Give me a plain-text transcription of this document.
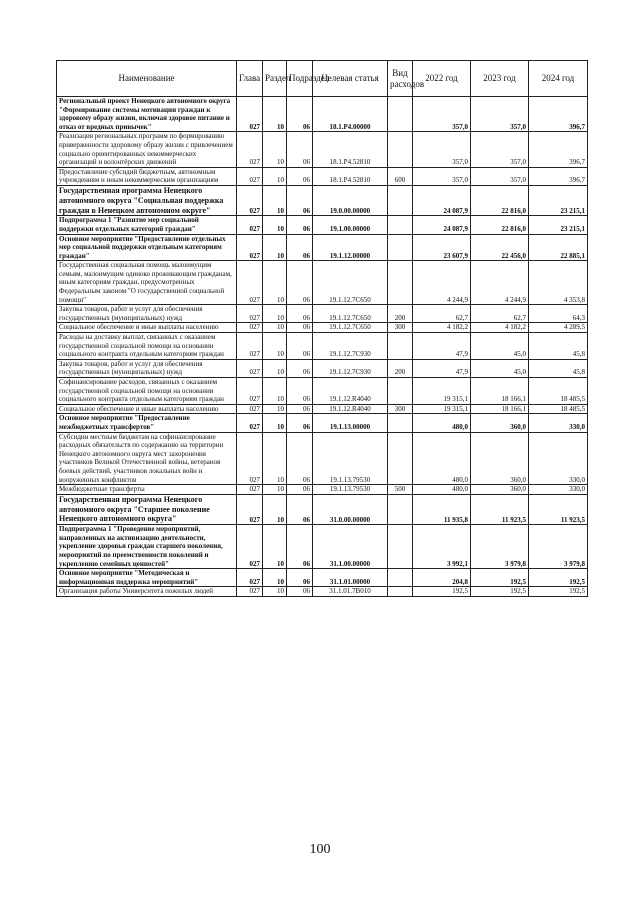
Наименование	Глава	Раздел	Подраздел	Целевая статья	Вид расходов	2022 год	2023 год	2024 год
Региональный проект Ненецкого автономного округа "Формирование системы мотивации граждан к здоровому образу жизни, включая здоровое питание и отказ от вредных привычек"	027	10	06	18.1.P4.00000		357,0	357,0	396,7
Реализация региональных программ по формированию приверженности здоровому образу жизни с привлечением социально ориентированных некоммерческих организаций и волонтёрских движений	027	10	06	18.1.P4.52810		357,0	357,0	396,7
Предоставление субсидий бюджетным, автономным учреждениям и иным некоммерческим организациям	027	10	06	18.1.P4.52810	600	357,0	357,0	396,7
Государственная программа Ненецкого автономного округа "Социальная поддержка граждан в Ненецком автономном округе"	027	10	06	19.0.00.00000		24 087,9	22 816,0	23 215,1
Подпрограмма 1 "Развитие мер социальной поддержки отдельных категорий граждан"	027	10	06	19.1.00.00000		24 087,9	22 816,0	23 215,1
Основное мероприятие "Предоставление отдельных мер социальной поддержки отдельным категориям граждан"	027	10	06	19.1.12.00000		23 607,9	22 456,0	22 885,1
Государственная социальная помощь малоимущим семьям, малоимущим одиноко проживающим гражданам, иным категориям граждан, предусмотренных Федеральным законом "О государственной социальной помощи"	027	10	06	19.1.12.7C650		4 244,9	4 244,9	4 353,8
Закупка товаров, работ и услуг для обеспечения государственных (муниципальных) нужд	027	10	06	19.1.12.7C650	200	62,7	62,7	64,3
Социальное обеспечение и иные выплаты населению	027	10	06	19.1.12.7C650	300	4 182,2	4 182,2	4 289,5
Расходы на доставку выплат, связанных с оказанием государственной социальной помощи на основании социального контракта отдельным категориям граждан	027	10	06	19.1.12.7C930		47,9	45,0	45,8
Закупка товаров, работ и услуг для обеспечения государственных (муниципальных) нужд	027	10	06	19.1.12.7C930	200	47,9	45,0	45,8
Софинансирование расходов, связанных с оказанием государственной социальной помощи на основании социального контракта отдельным категориям граждан	027	10	06	19.1.12.R4040		19 315,1	18 166,1	18 485,5
Социальное обеспечение и иные выплаты населению	027	10	06	19.1.12.R4040	300	19 315,1	18 166,1	18 485,5
Основное мероприятие "Предоставление межбюджетных трансфертов"	027	10	06	19.1.13.00000		480,0	360,0	330,0
Субсидии местным бюджетам на софинансирование расходных обязательств по содержанию на территории Ненецкого автономного округа мест захоронения участников Великой Отечественной войны, ветеранов боевых действий, участников локальных войн и вооруженных конфликтов	027	10	06	19.1.13.79530		480,0	360,0	330,0
Межбюджетные трансферты	027	10	06	19.1.13.79530	500	480,0	360,0	330,0
Государственная программа Ненецкого автономного округа "Старшее поколение Ненецкого автономного округа"	027	10	06	31.0.00.00000		11 935,8	11 923,5	11 923,5
Подпрограмма 1 "Проведение мероприятий, направленных на активизацию деятельности, укрепление здоровья граждан старшего поколения, мероприятий по преемственности поколений и укреплению семейных ценностей"	027	10	06	31.1.00.00000		3 992,1	3 979,8	3 979,8
Основное мероприятие "Методическая и информационная поддержка мероприятий"	027	10	06	31.1.01.00000		204,8	192,5	192,5
Организация работы Университета пожилых людей	027	10	06	31.1.01.7B010		192,5	192,5	192,5
100
